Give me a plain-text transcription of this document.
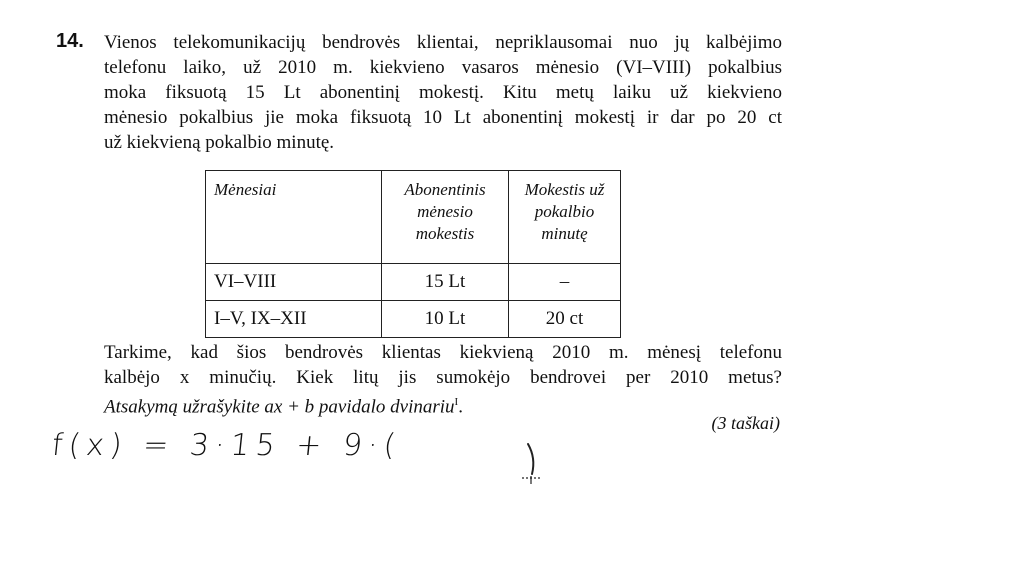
14. Vienos telekomunikacijų bendrovės klientai, nepriklausomai nuo jų kalbėjimo
telefonu laiko, už 2010 m. kiekvieno vasaros mėnesio (VI–VIII) pokalbius
moka fiksuotą 15 Lt abonentinį mokestį. Kitu metų laiku už kiekvieno
mėnesio pokalbius jie moka fiksuotą 10 Lt abonentinį mokestį ir dar po 20 ct
už kiekvieną pokalbio minutę.
Mėnesiai	Abonentinis mėnesio mokestis	Mokestis už pokalbio minutę
VI–VIII	15 Lt	–
I–V, IX–XII	10 Lt	20 ct
Tarkime, kad šios bendrovės klientas kiekvieną 2010 m. mėnesį telefonu
kalbėjo x minučių. Kiek litų jis sumokėjo bendrovei per 2010 metus?
Atsakymą užrašykite ax + b pavidalo dvinariu$^I$.
(3 taškai)
f(x) = 3·15 + 9·(
